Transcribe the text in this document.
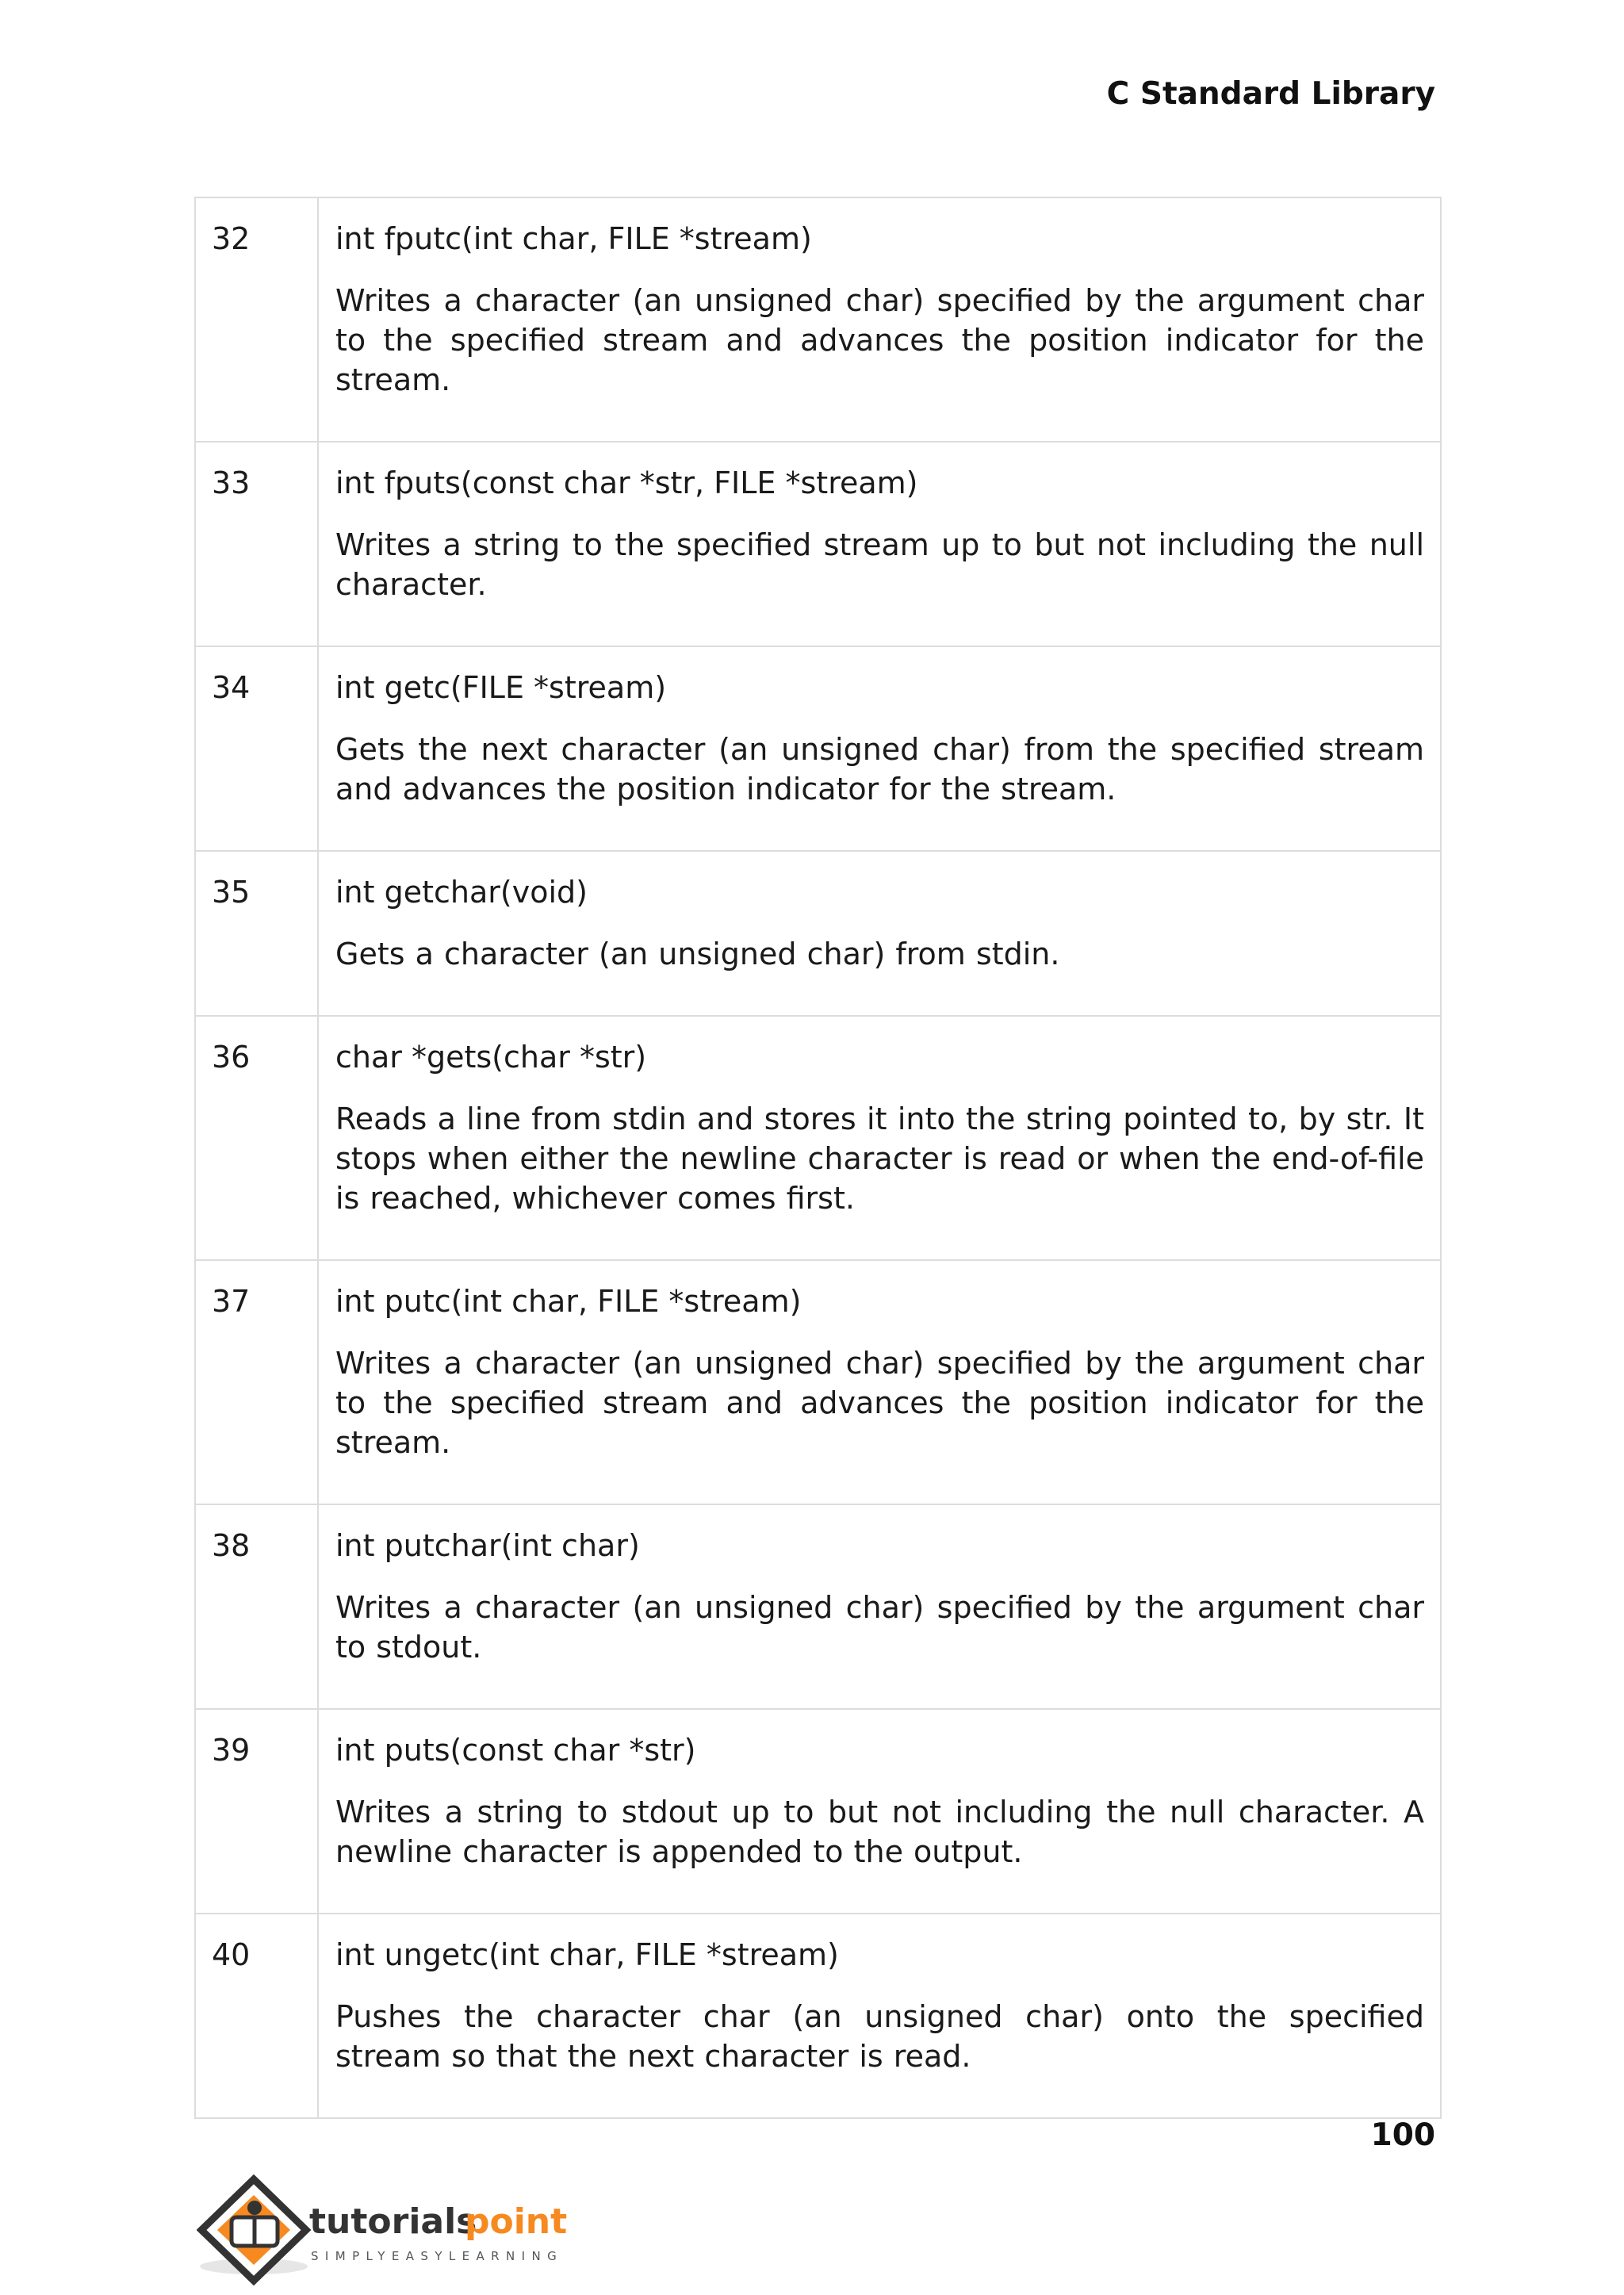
C Standard Library
32	int fputc(int char, FILE *stream)

Writes a character (an unsigned char) specified by the argument char to the specified stream and advances the position indicator for the stream.

33	int fputs(const char *str, FILE *stream)

Writes a string to the specified stream up to but not including the null character.

34	int getc(FILE *stream)

Gets the next character (an unsigned char) from the specified stream and advances the position indicator for the stream.

35	int getchar(void)

Gets a character (an unsigned char) from stdin.

36	char *gets(char *str)

Reads a line from stdin and stores it into the string pointed to, by str. It stops when either the newline character is read or when the end-of-file is reached, whichever comes first.

37	int putc(int char, FILE *stream)

Writes a character (an unsigned char) specified by the argument char to the specified stream and advances the position indicator for the stream.

38	int putchar(int char)

Writes a character (an unsigned char) specified by the argument char to stdout.

39	int puts(const char *str)

Writes a string to stdout up to but not including the null character. A newline character is appended to the output.

40	int ungetc(int char, FILE *stream)

Pushes the character char (an unsigned char) onto the specified stream so that the next character is read.

100
tutorials
point
SIMPLYEASYLEARNING
